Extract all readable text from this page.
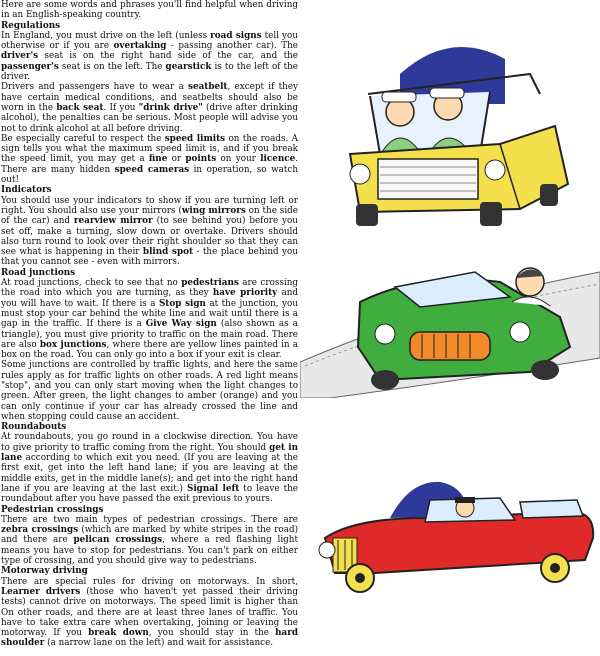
Here are some words and phrases you'll find helpful when driving in an English-speaking country.

Regulations

In England, you must drive on the left (unless road signs tell you otherwise or if you are overtaking - passing another car). The driver's seat is on the right hand side of the car, and the passenger's seat is on the left. The gearstick is to the left of the driver.

Drivers and passengers have to wear a seatbelt, except if they have certain medical conditions, and seatbelts should also be worn in the back seat. If you "drink drive" (drive after drinking alcohol), the penalties can be serious. Most people will advise you not to drink alcohol at all before driving.

Be especially careful to respect the speed limits on the roads. A sign tells you what the maximum speed limit is, and if you break the speed limit, you may get a fine or points on your licence. There are many hidden speed cameras in operation, so watch out!

Indicators

You should use your indicators to show if you are turning left or right. You should also use your mirrors (wing mirrors on the side of the car) and rearview mirror (to see behind you) before you set off, make a turning, slow down or overtake. Drivers should also turn round to look over their right shoulder so that they can see what is happening in their blind spot - the place behind you that you cannot see - even with mirrors.

Road junctions

At road junctions, check to see that no pedestrians are crossing the road into which you are turning, as they have priority and you will have to wait. If there is a Stop sign at the junction, you must stop your car behind the white line and wait until there is a gap in the traffic. If there is a Give Way sign (also shown as a triangle), you must give priority to traffic on the main road. There are also box junctions, where there are yellow lines painted in a box on the road. You can only go into a box if your exit is clear.

Some junctions are controlled by traffic lights, and here the same rules apply as for traffic lights on other roads. A red light means "stop", and you can only start moving when the light changes to green. After green, the light changes to amber (orange) and you can only continue if your car has already crossed the line and when stopping could cause an accident.

Roundabouts

At roundabouts, you go round in a clockwise direction. You have to give priority to traffic coming from the right. You should get in lane according to which exit you need. (If you are leaving at the first exit, get into the left hand lane; if you are leaving at the middle exits, get in the middle lane(s); and get into the right hand lane if you are leaving at the last exit.) Signal left to leave the roundabout after you have passed the exit previous to yours.

Pedestrian crossings

There are two main types of pedestrian crossings. There are zebra crossings (which are marked by white stripes in the road) and there are pelican crossings, where a red flashing light means you have to stop for pedestrians. You can't park on either type of crossing, and you should give way to pedestrians.

Motorway driving

There are special rules for driving on motorways. In short, Learner drivers (those who haven't yet passed their driving tests) cannot drive on motorways. The speed limit is higher than On other roads, and there are at least three lanes of traffic. You have to take extra care when overtaking, joining or leaving the motorway. If you break down, you should stay in the hard shoulder (a narrow lane on the left) and wait for assistance.
